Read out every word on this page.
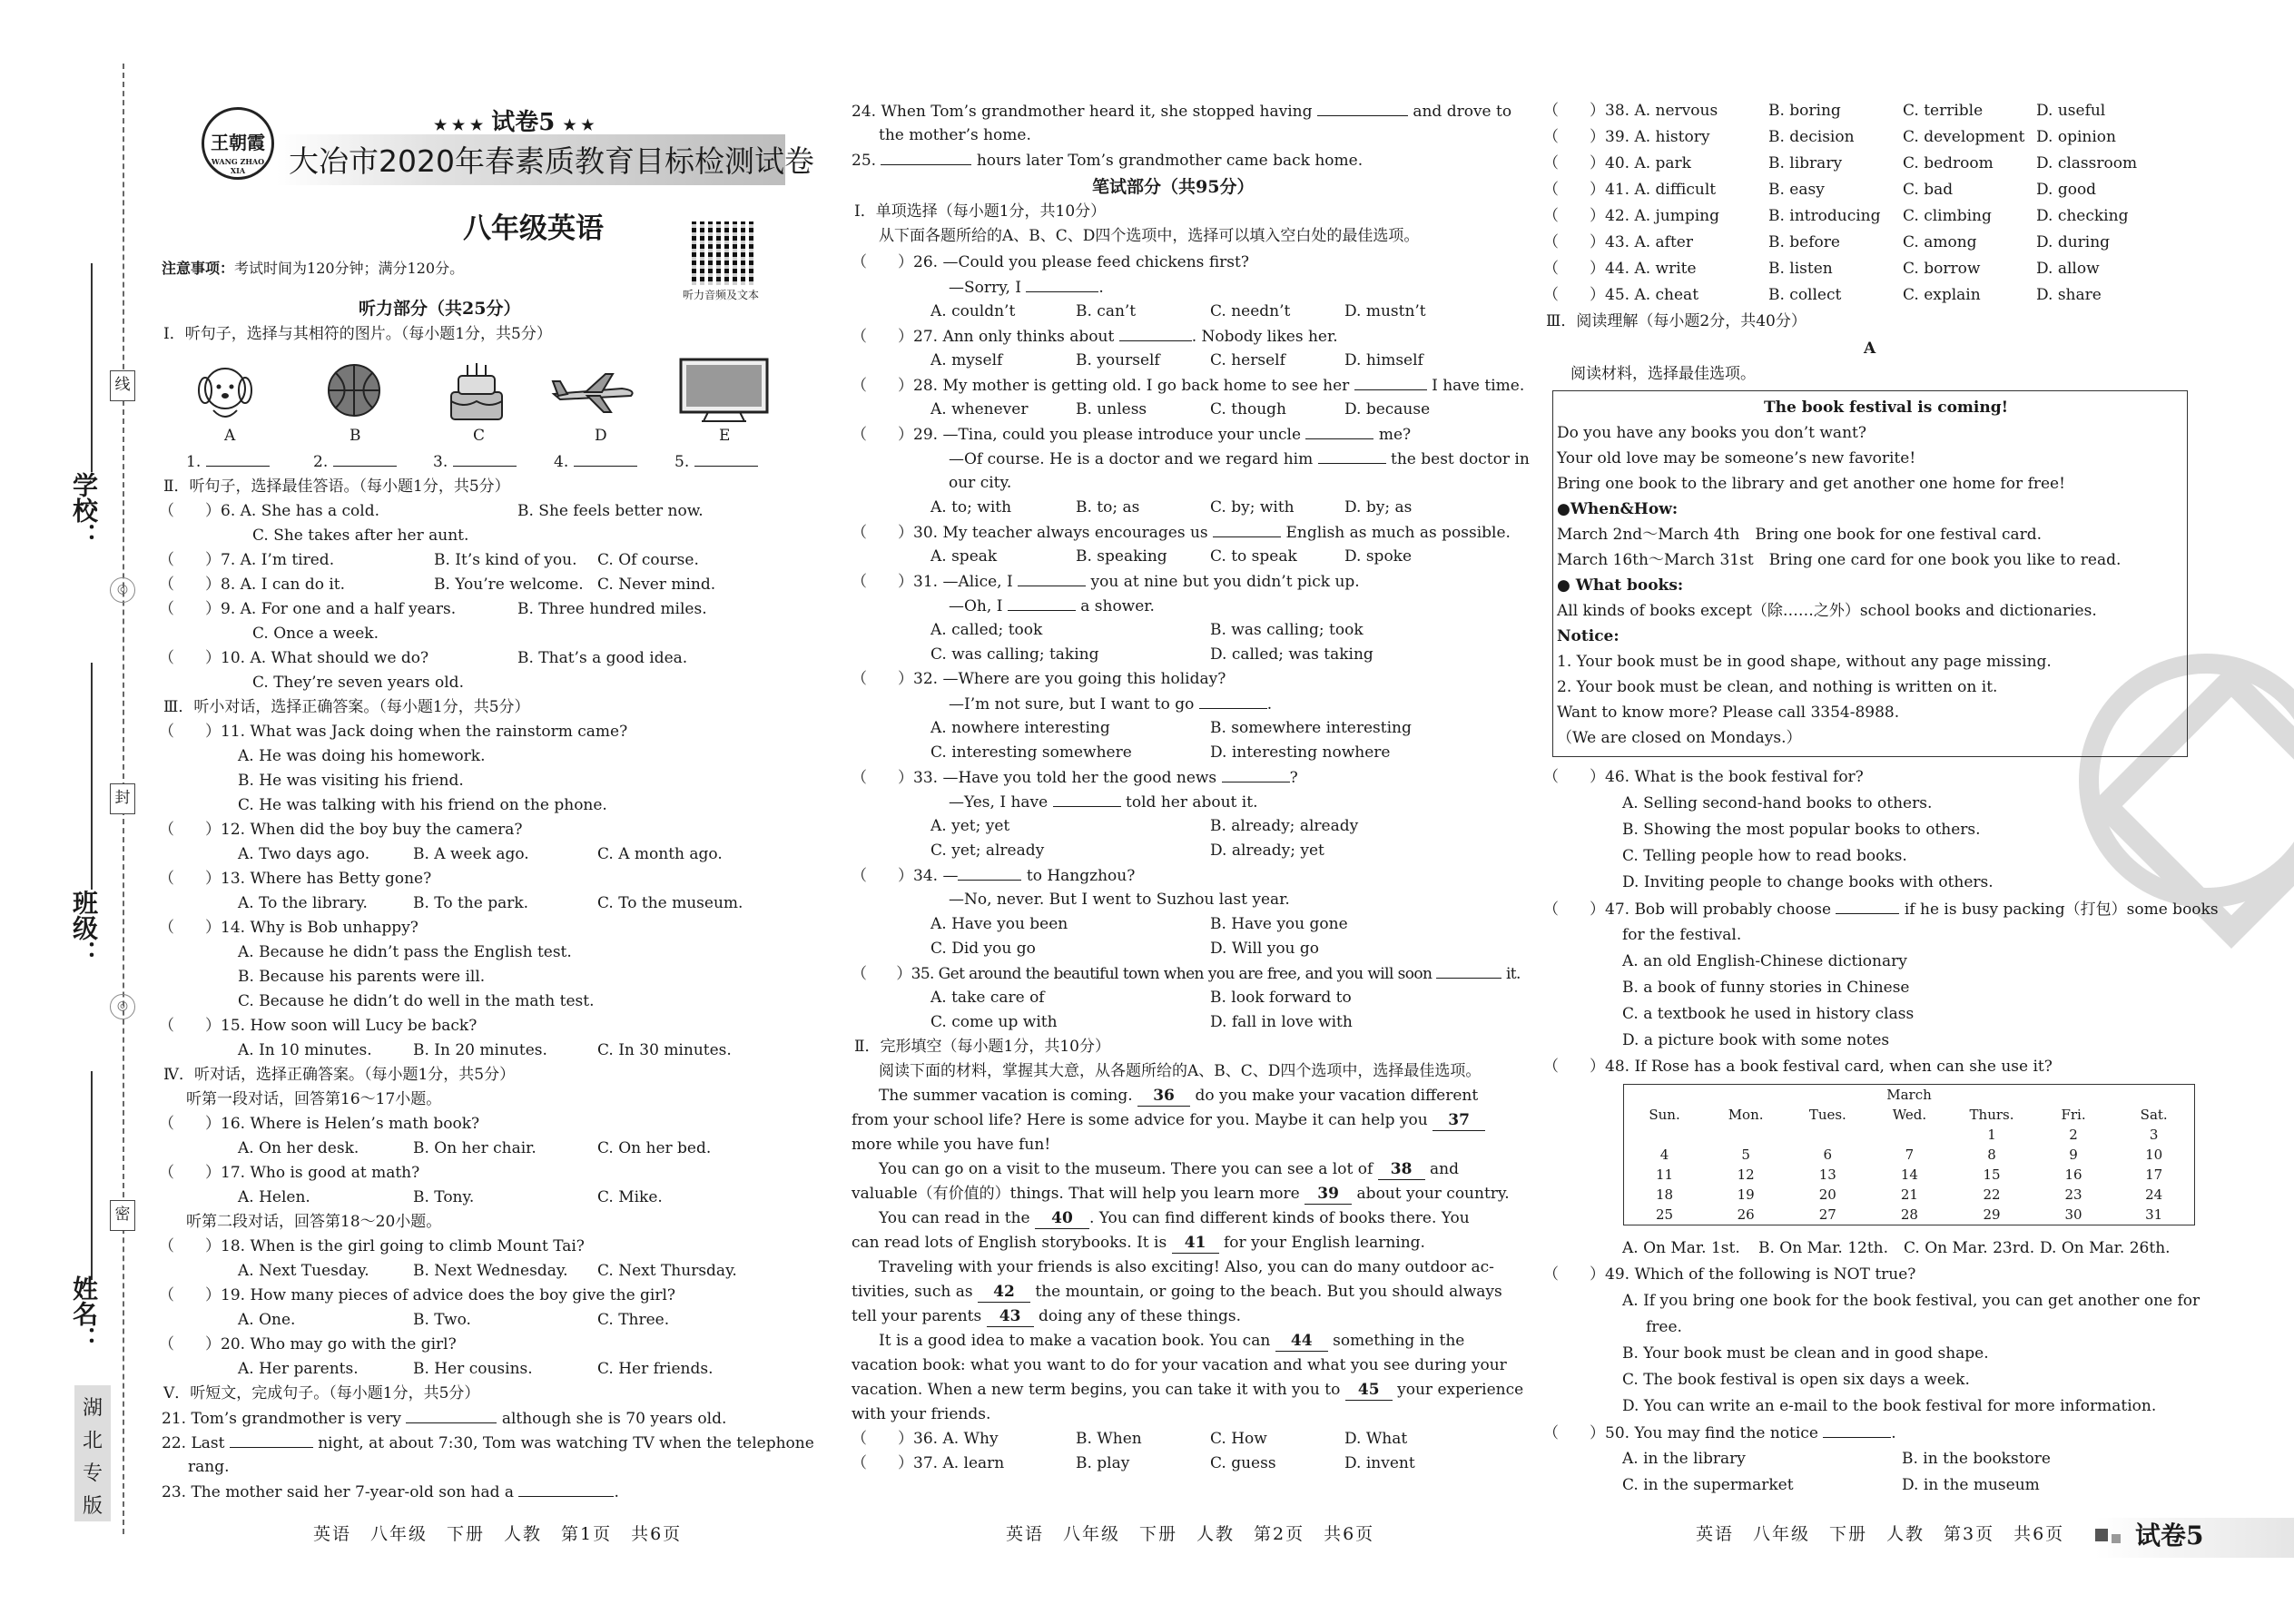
学校：
班级：
姓名：
线
◎
封
◎
密
湖
北
专
版
王朝霞
WANG ZHAO XIA
★ ★ ★ 试卷5 ★ ★
大冶市2020年春素质教育目标检测试卷
八年级英语
听力音频及文本
注意事项：考试时间为120分钟；满分120分。
听力部分（共25分）
Ⅰ．听句子，选择与其相符的图片。（每小题1分，共5分）
A	B	C	D	E
1.	2.	3.	4.	5.
Ⅱ．听句子，选择最佳答语。（每小题1分，共5分）
（　　）6. A. She has a cold.	B. She feels better now.
C. She takes after her aunt.
（　　）7. A. I’m tired.	B. It’s kind of you. C. Of course.
（　　）8. A. I can do it.	B. You’re welcome. C. Never mind.
（　　）9. A. For one and a half years.	B. Three hundred miles.
C. Once a week.
（　　）10. A. What should we do?	B. That’s a good idea.
C. They’re seven years old.
Ⅲ．听小对话，选择正确答案。（每小题1分，共5分）
（　　）11. What was Jack doing when the rainstorm came?
A. He was doing his homework.
B. He was visiting his friend.
C. He was talking with his friend on the phone.
（　　）12. When did the boy buy the camera?
A. Two days ago.	B. A week ago.	C. A month ago.
（　　）13. Where has Betty gone?
A. To the library.	B. To the park.	C. To the museum.
（　　）14. Why is Bob unhappy?
A. Because he didn’t pass the English test.
B. Because his parents were ill.
C. Because he didn’t do well in the math test.
（　　）15. How soon will Lucy be back?
A. In 10 minutes.	B. In 20 minutes.	C. In 30 minutes.
Ⅳ．听对话，选择正确答案。（每小题1分，共5分）
听第一段对话，回答第16～17小题。
（　　）16. Where is Helen’s math book?
A. On her desk.	B. On her chair.	C. On her bed.
（　　）17. Who is good at math?
A. Helen.	B. Tony.	C. Mike.
听第二段对话，回答第18～20小题。
（　　）18. When is the girl going to climb Mount Tai?
A. Next Tuesday.	B. Next Wednesday. C. Next Thursday.
（　　）19. How many pieces of advice does the boy give the girl?
A. One.	B. Two.	C. Three.
（　　）20. Who may go with the girl?
A. Her parents.	B. Her cousins.	C. Her friends.
Ⅴ．听短文，完成句子。（每小题1分，共5分）
21. Tom’s grandmother is very	although she is 70 years old.
22. Last	night, at about 7:30, Tom was watching TV when the telephone
rang.
23. The mother said her 7-year-old son had a	.
英语　八年级　下册　人教　第1页　共6页
24. When Tom’s grandmother heard it, she stopped having	and drove to
the mother’s home.
25.	hours later Tom’s grandmother came back home.
笔试部分（共95分）
Ⅰ．单项选择（每小题1分，共10分）
从下面各题所给的A、B、C、D四个选项中，选择可以填入空白处的最佳选项。
（　　）26. —Could you please feed chickens first?
—Sorry, I	.
A. couldn’t	B. can’t	C. needn’t	D. mustn’t
（　　）27. Ann only thinks about	. Nobody likes her.
A. myself	B. yourself	C. herself	D. himself
（　　）28. My mother is getting old. I go back home to see her	I have time.
A. whenever	B. unless	C. though	D. because
（　　）29. —Tina, could you please introduce your uncle	me?
—Of course. He is a doctor and we regard him	the best doctor in
our city.
A. to; with	B. to; as	C. by; with	D. by; as
（　　）30. My teacher always encourages us	English as much as possible.
A. speak	B. speaking	C. to speak	D. spoke
（　　）31. —Alice, I	you at nine but you didn’t pick up.
—Oh, I	a shower.
A. called; took	B. was calling; took
C. was calling; taking	D. called; was taking
（　　）32. —Where are you going this holiday?
—I’m not sure, but I want to go	.
A. nowhere interesting	B. somewhere interesting
C. interesting somewhere	D. interesting nowhere
（　　）33. —Have you told her the good news	?
—Yes, I have	told her about it.
A. yet; yet	B. already; already
C. yet; already	D. already; yet
（　　）34. —	to Hangzhou?
—No, never. But I went to Suzhou last year.
A. Have you been	B. Have you gone
C. Did you go	D. Will you go
（　　）35. Get around the beautiful town when you are free, and you will soon	it.
A. take care of	B. look forward to
C. come up with	D. fall in love with
Ⅱ．完形填空（每小题1分，共10分）
阅读下面的材料，掌握其大意，从各题所给的A、B、C、D四个选项中，选择最佳选项。
The summer vacation is coming. 36 do you make your vacation different
from your school life? Here is some advice for you. Maybe it can help you 37
more while you have fun!
You can go on a visit to the museum. There you can see a lot of 38 and
valuable（有价值的）things. That will help you learn more 39 about your country.
You can read in the 40 . You can find different kinds of books there. You
can read lots of English storybooks. It is 41 for your English learning.
Traveling with your friends is also exciting! Also, you can do many outdoor ac-
tivities, such as 42 the mountain, or going to the beach. But you should always
tell your parents 43 doing any of these things.
It is a good idea to make a vacation book. You can 44 something in the
vacation book: what you want to do for your vacation and what you see during your
vacation. When a new term begins, you can take it with you to 45 your experience
with your friends.
（　　）36. A. Why	B. When	C. How	D. What
（　　）37. A. learn	B. play	C. guess	D. invent
英语　八年级　下册　人教　第2页　共6页
（　　）38. A. nervous	B. boring	C. terrible	D. useful
（　　）39. A. history	B. decision	C. development D. opinion
（　　）40. A. park	B. library	C. bedroom	D. classroom
（　　）41. A. difficult	B. easy	C. bad	D. good
（　　）42. A. jumping	B. introducing C. climbing	D. checking
（　　）43. A. after	B. before	C. among	D. during
（　　）44. A. write	B. listen	C. borrow	D. allow
（　　）45. A. cheat	B. collect	C. explain	D. share
Ⅲ．阅读理解（每小题2分，共40分）
A
阅读材料，选择最佳选项。
The book festival is coming!
Do you have any books you don’t want?
Your old love may be someone’s new favorite!
Bring one book to the library and get another one home for free!
●When&How:
March 2nd～March 4th　Bring one book for one festival card.
March 16th～March 31st　Bring one card for one book you like to read.
● What books:
All kinds of books except（除……之外）school books and dictionaries.
Notice:
1. Your book must be in good shape, without any page missing.
2. Your book must be clean, and nothing is written on it.
Want to know more? Please call 3354-8988.
（We are closed on Mondays.）
（　　）46. What is the book festival for?
A. Selling second-hand books to others.
B. Showing the most popular books to others.
C. Telling people how to read books.
D. Inviting people to change books with others.
（　　）47. Bob will probably choose	if he is busy packing（打包）some books
for the festival.
A. an old English-Chinese dictionary
B. a book of funny stories in Chinese
C. a textbook he used in history class
D. a picture book with some notes
（　　）48. If Rose has a book festival card, when can she use it?
March						
Sun.	Mon.	Tues.	Wed.	Thurs.	Fri.	Sat.
				1	2	3
4	5	6	7	8	9	10
11	12	13	14	15	16	17
18	19	20	21	22	23	24
25	26	27	28	29	30	31
A. On Mar. 1st. B. On Mar. 12th. C. On Mar. 23rd. D. On Mar. 26th.
（　　）49. Which of the following is NOT true?
A. If you bring one book for the book festival, you can get another one for
free.
B. Your book must be clean and in good shape.
C. The book festival is open six days a week.
D. You can write an e-mail to the book festival for more information.
（　　）50. You may find the notice	.
A. in the library	B. in the bookstore
C. in the supermarket	D. in the museum
英语　八年级　下册　人教　第3页　共6页	试卷5
